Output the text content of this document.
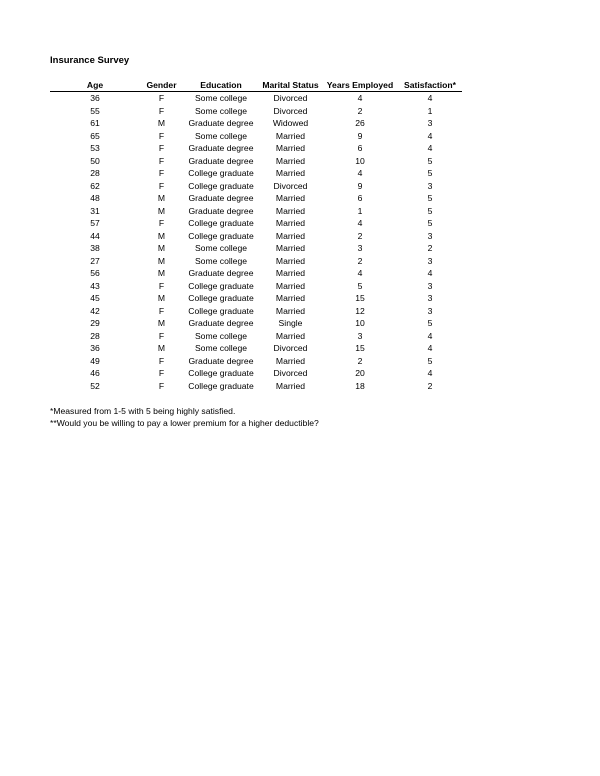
Insurance Survey
Age	Gender	Education	Marital Status	Years Employed	Satisfaction*
36	F	Some college	Divorced	4	4
55	F	Some college	Divorced	2	1
61	M	Graduate degree	Widowed	26	3
65	F	Some college	Married	9	4
53	F	Graduate degree	Married	6	4
50	F	Graduate degree	Married	10	5
28	F	College graduate	Married	4	5
62	F	College graduate	Divorced	9	3
48	M	Graduate degree	Married	6	5
31	M	Graduate degree	Married	1	5
57	F	College graduate	Married	4	5
44	M	College graduate	Married	2	3
38	M	Some college	Married	3	2
27	M	Some college	Married	2	3
56	M	Graduate degree	Married	4	4
43	F	College graduate	Married	5	3
45	M	College graduate	Married	15	3
42	F	College graduate	Married	12	3
29	M	Graduate degree	Single	10	5
28	F	Some college	Married	3	4
36	M	Some college	Divorced	15	4
49	F	Graduate degree	Married	2	5
46	F	College graduate	Divorced	20	4
52	F	College graduate	Married	18	2
*Measured from 1-5 with 5 being highly satisfied.
**Would you be willing to pay a lower premium for a higher deductible?
